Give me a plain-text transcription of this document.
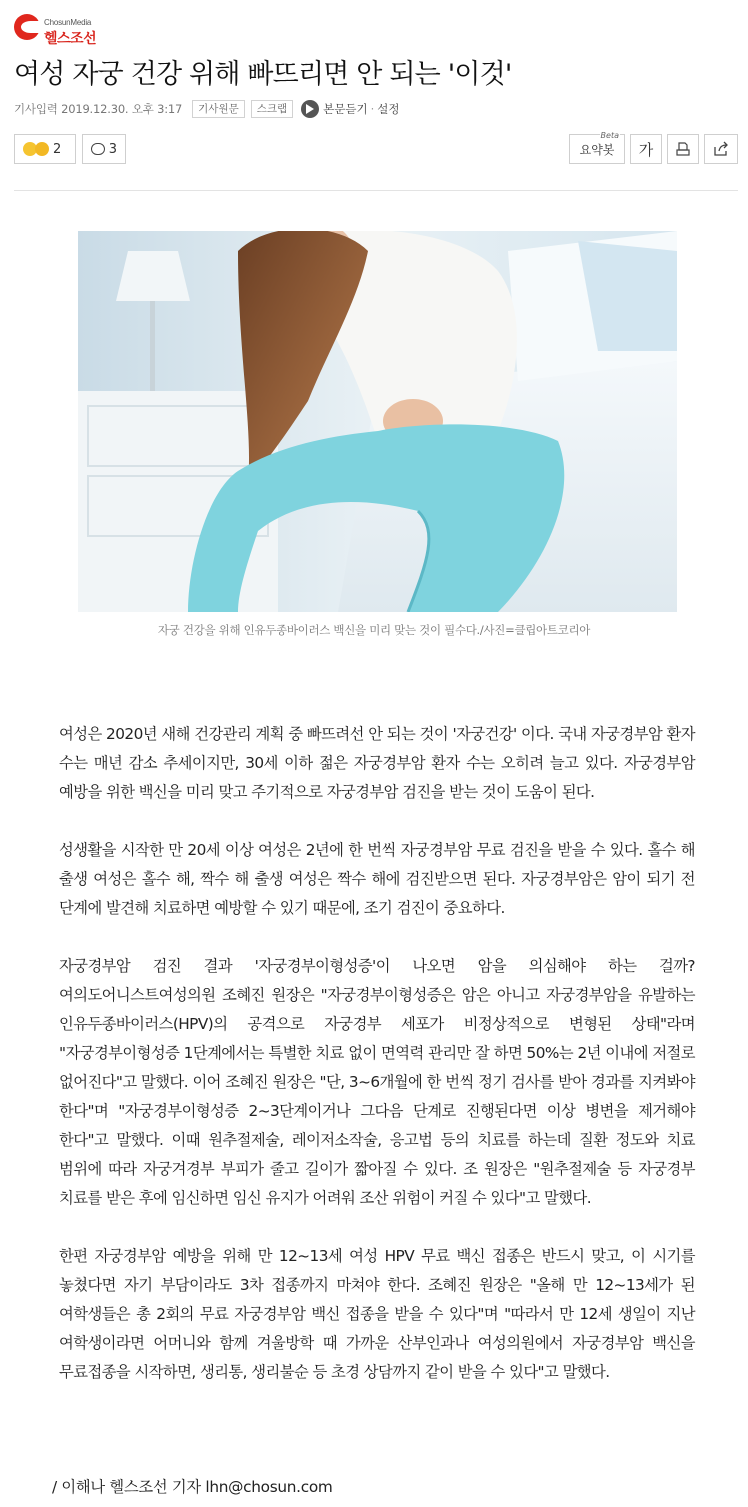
ChosunMedia
헬스조선
여성 자궁 건강 위해 빠뜨리면 안 되는 '이것'
기사입력 2019.12.30. 오후 3:17	기사원문	스크랩	본문듣기 · 설정
2	3	요약봇
Beta
가
자궁 건강을 위해 인유두종바이러스 백신을 미리 맞는 것이 필수다./사진=클립아트코리아

여성은 2020년 새해 건강관리 계획 중 빠뜨려선 안 되는 것이 '자궁건강' 이다. 국내 자궁경부암 환자 수는 매년 감소 추세이지만, 30세 이하 젊은 자궁경부암 환자 수는 오히려 늘고 있다. 자궁경부암 예방을 위한 백신을 미리 맞고 주기적으로 자궁경부암 검진을 받는 것이 도움이 된다.

성생활을 시작한 만 20세 이상 여성은 2년에 한 번씩 자궁경부암 무료 검진을 받을 수 있다. 홀수 해 출생 여성은 홀수 해, 짝수 해 출생 여성은 짝수 해에 검진받으면 된다. 자궁경부암은 암이 되기 전 단계에 발견해 치료하면 예방할 수 있기 때문에, 조기 검진이 중요하다.

자궁경부암 검진 결과 '자궁경부이형성증'이 나오면 암을 의심해야 하는 걸까? 여의도어니스트여성의원 조혜진 원장은 "자궁경부이형성증은 암은 아니고 자궁경부암을 유발하는 인유두종바이러스(HPV)의 공격으로 자궁경부 세포가 비정상적으로 변형된 상태"라며 "자궁경부이형성증 1단계에서는 특별한 치료 없이 면역력 관리만 잘 하면 50%는 2년 이내에 저절로 없어진다"고 말했다. 이어 조혜진 원장은 "단, 3~6개월에 한 번씩 정기 검사를 받아 경과를 지켜봐야 한다"며 "자궁경부이형성증 2~3단계이거나 그다음 단계로 진행된다면 이상 병변을 제거해야 한다"고 말했다. 이때 원추절제술, 레이저소작술, 응고법 등의 치료를 하는데 질환 정도와 치료 범위에 따라 자궁겨경부 부피가 줄고 길이가 짧아질 수 있다. 조 원장은 "원추절제술 등 자궁경부 치료를 받은 후에 임신하면 임신 유지가 어려워 조산 위험이 커질 수 있다"고 말했다.

한편 자궁경부암 예방을 위해 만 12~13세 여성 HPV 무료 백신 접종은 반드시 맞고, 이 시기를 놓쳤다면 자기 부담이라도 3차 접종까지 마쳐야 한다. 조혜진 원장은 "올해 만 12~13세가 된 여학생들은 총 2회의 무료 자궁경부암 백신 접종을 받을 수 있다"며 "따라서 만 12세 생일이 지난 여학생이라면 어머니와 함께 겨울방학 때 가까운 산부인과나 여성의원에서 자궁경부암 백신을 무료접종을 시작하면, 생리통, 생리불순 등 초경 상담까지 같이 받을 수 있다"고 말했다.

/ 이해나 헬스조선 기자 lhn@chosun.com
